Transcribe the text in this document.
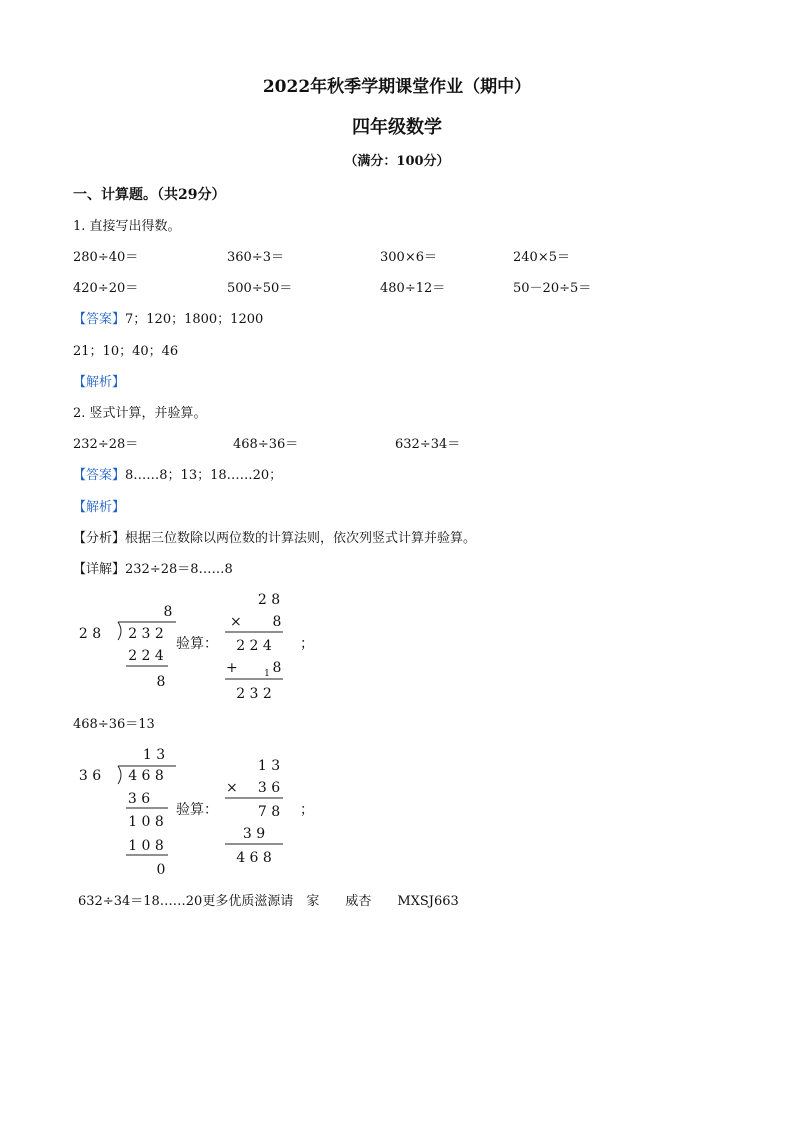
2022年秋季学期课堂作业（期中）
四年级数学
（满分：100分）
一、计算题。（共29分）
1. 直接写出得数。
280÷40＝	360÷3＝	300×6＝	240×5＝
420÷20＝	500÷50＝	480÷12＝	50－20÷5＝
【答案】7；120；1800；1200
21；10；40；46
【解析】
2. 竖式计算，并验算。
232÷28＝	468÷36＝	632÷34＝
【答案】8……8；13；18……20；
【解析】
【分析】根据三位数除以两位数的计算法则，依次列竖式计算并验算。
【详解】232÷28＝8……8
8
2 8 2 3 2
2 2 4
8
验算：
2 8
× 8
2 2 4
+	1 8
2 3 2
；
468÷36＝13
1 3
3 6 4 6 8
3 6
1 0 8
1 0 8
0
验算：
1 3
× 3 6
7 8
3 9
4 6 8
；
632÷34＝18……20更多优质滋源请　家　　威杏　　MXSJ663
